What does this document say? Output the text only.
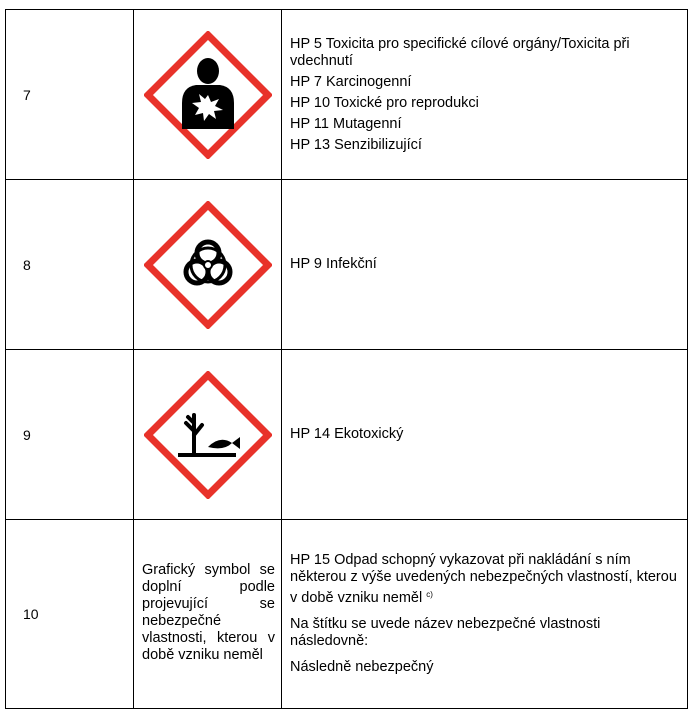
7		HP 5 Toxicita pro specifické cílové orgány/Toxicita při vdechnutí

HP 7 Karcinogenní

HP 10 Toxické pro reprodukci

HP 11 Mutagenní

HP 13 Senzibilizující

8		HP 9 Infekční

9		HP 14 Ekotoxický

10	Grafický symbol se doplní podle projevující se nebezpečné vlastnosti, kterou v době vzniku neměl	HP 15 Odpad schopný vykazovat při nakládání s ním některou z výše uvedených nebezpečných vlastností, kterou v době vzniku neměl $^{c)}$

Na štítku se uvede název nebezpečné vlastnosti následovně:

Následně nebezpečný
